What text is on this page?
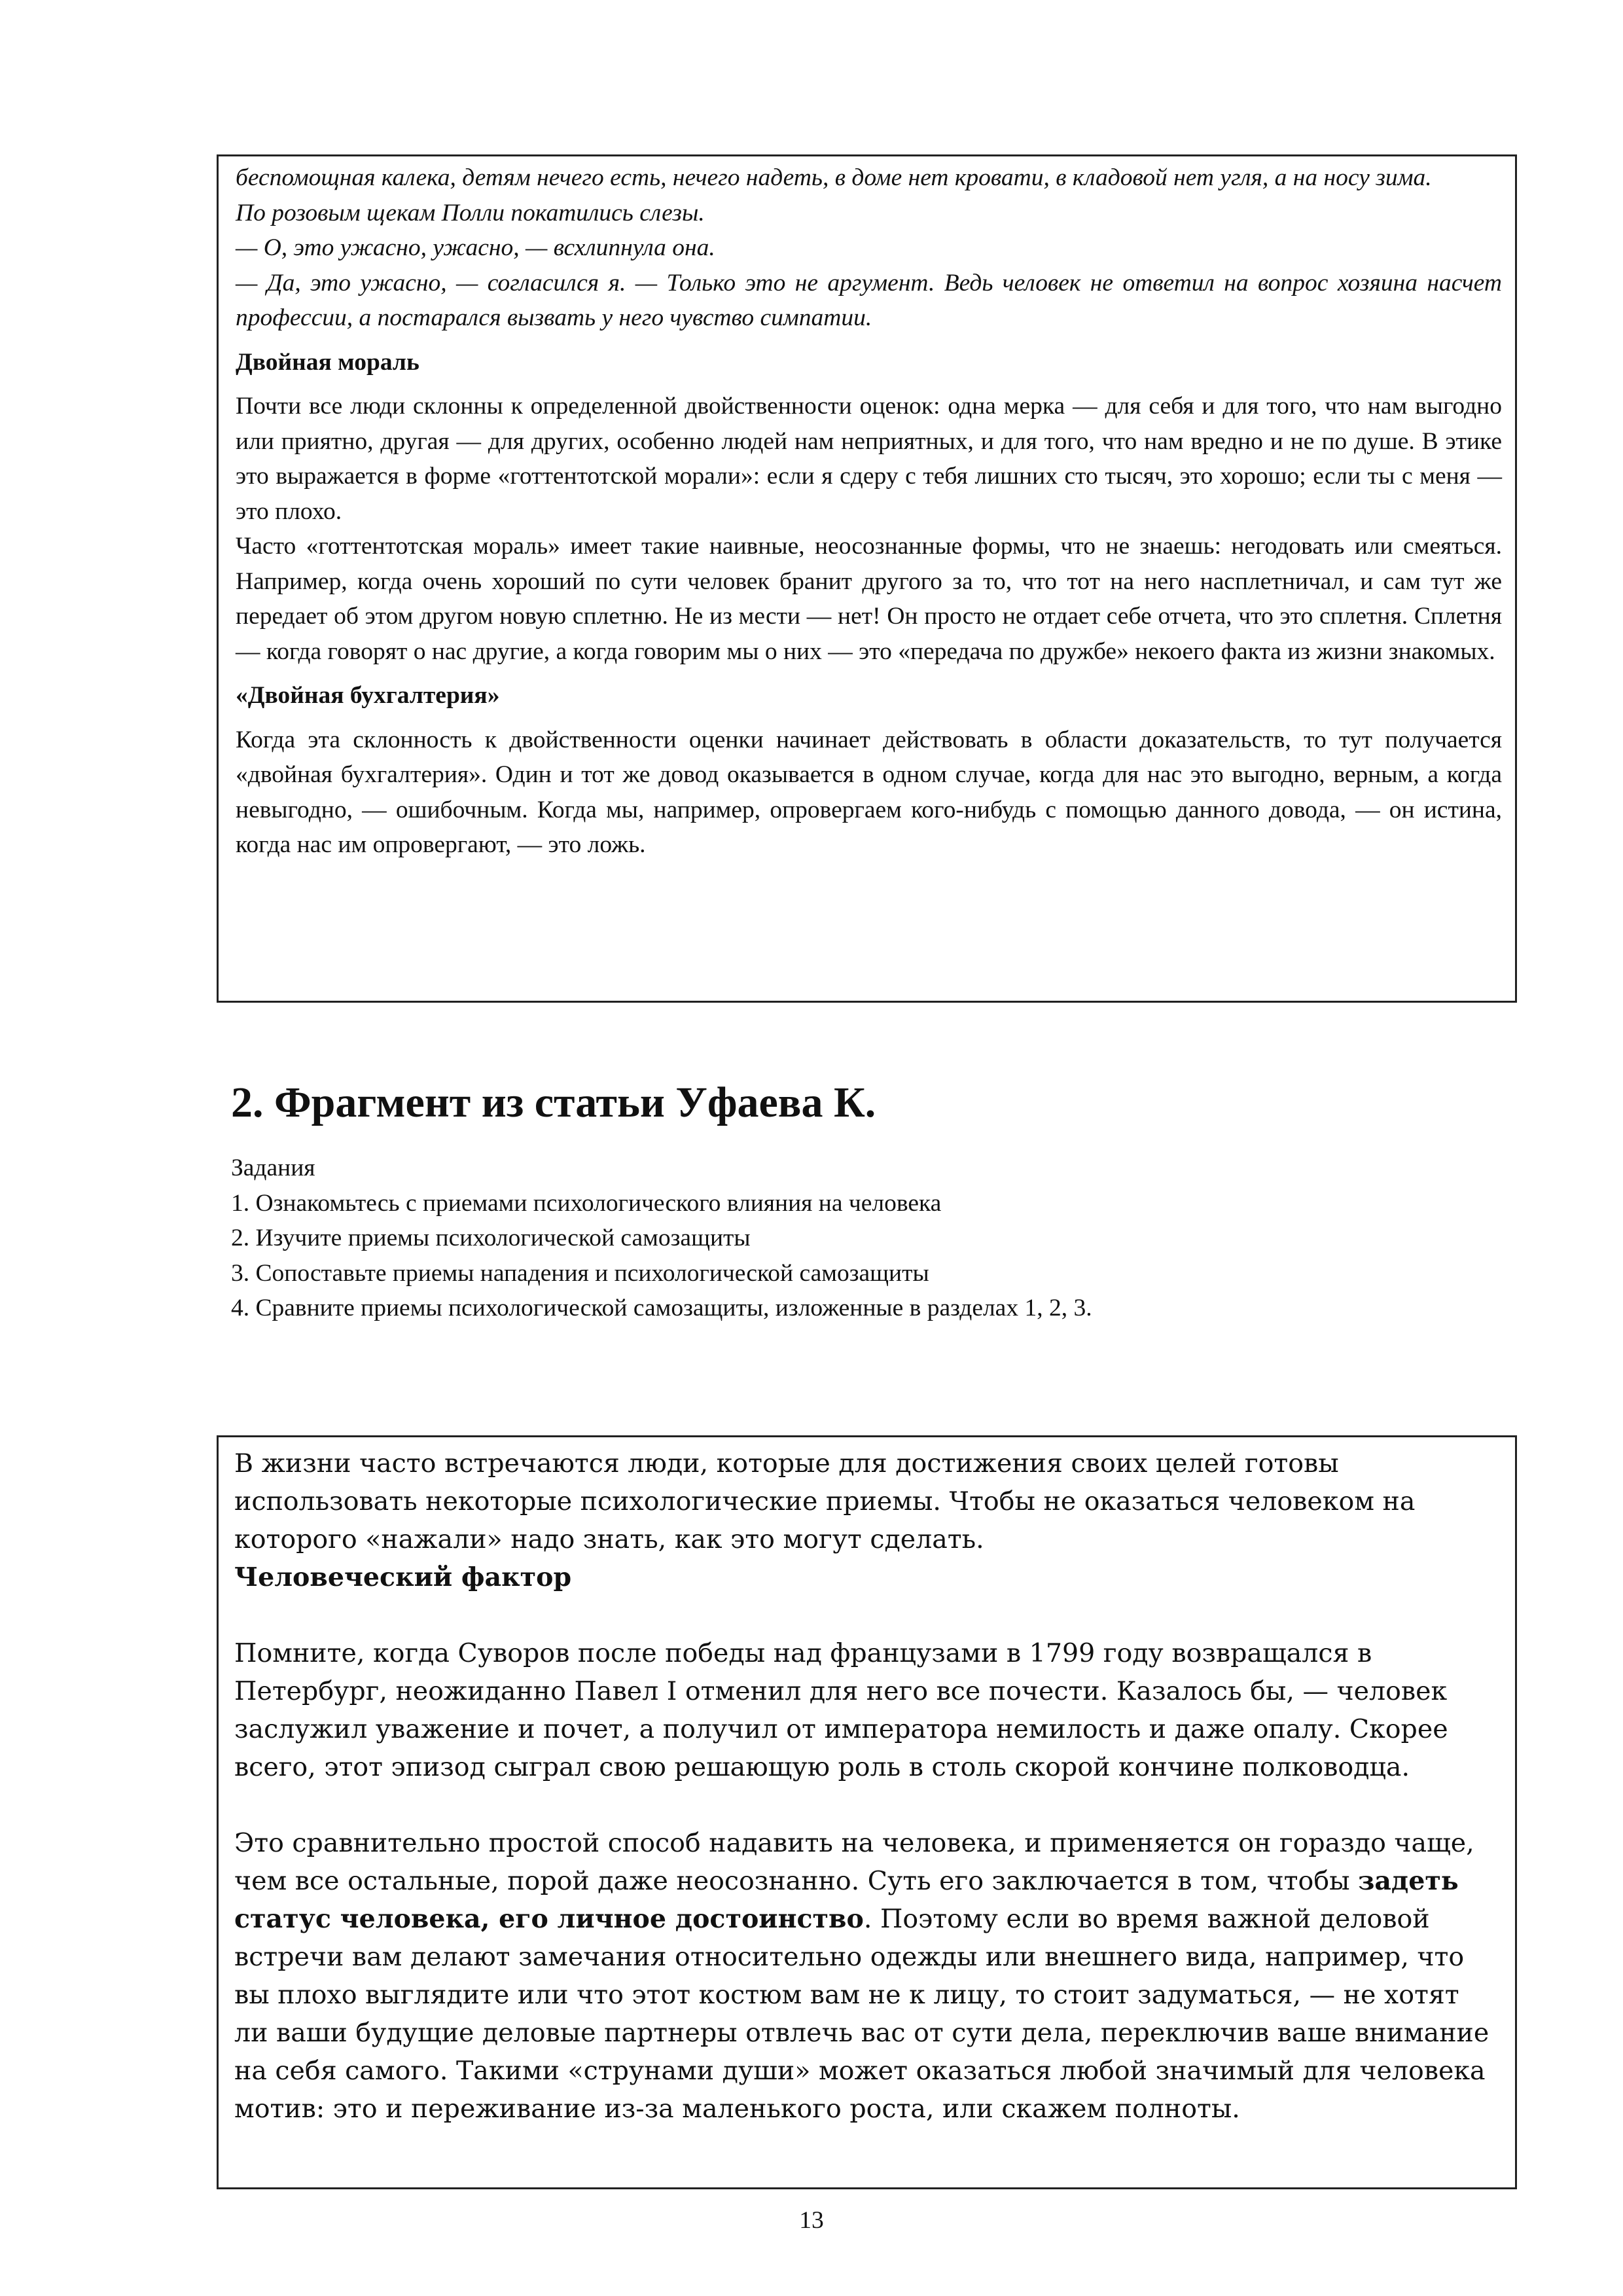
беспомощная калека, детям нечего есть, нечего надеть, в доме нет кровати, в кладовой нет угля, а на носу зима.

По розовым щекам Полли покатились слезы.

— О, это ужасно, ужасно, — всхлипнула она.

— Да, это ужасно, — согласился я. — Только это не аргумент. Ведь человек не ответил на вопрос хозяина насчет профессии, а постарался вызвать у него чувство симпатии.

Двойная мораль

Почти все люди склонны к определенной двойственности оценок: одна мерка — для себя и для того, что нам выгодно или приятно, другая — для других, особенно людей нам неприятных, и для того, что нам вредно и не по душе. В этике это выражается в форме «готтентотской морали»: если я сдеру с тебя лишних сто тысяч, это хорошо; если ты с меня — это плохо.

Часто «готтентотская мораль» имеет такие наивные, неосознанные формы, что не знаешь: негодовать или смеяться. Например, когда очень хороший по сути человек бранит другого за то, что тот на него насплетничал, и сам тут же передает об этом другом новую сплетню. Не из мести — нет! Он просто не отдает себе отчета, что это сплетня. Сплетня — когда говорят о нас другие, а когда говорим мы о них — это «передача по дружбе» некоего факта из жизни знакомых.

«Двойная бухгалтерия»

Когда эта склонность к двойственности оценки начинает действовать в области доказательств, то тут получается «двойная бухгалтерия». Один и тот же довод оказывается в одном случае, когда для нас это выгодно, верным, а когда невыгодно, — ошибочным. Когда мы, например, опровергаем кого-нибудь с помощью данного довода, — он истина, когда нас им опровергают, — это ложь.

2. Фрагмент из статьи Уфаева К.
Задания
1. Ознакомьтесь с приемами психологического влияния на человека
2. Изучите приемы психологической самозащиты
3. Сопоставьте приемы нападения и психологической самозащиты
4. Сравните приемы психологической самозащиты, изложенные в разделах 1, 2, 3.

В жизни часто встречаются люди, которые для достижения своих целей готовы использовать некоторые психологические приемы. Чтобы не оказаться человеком на которого «нажали» надо знать, как это могут сделать.

Человеческий фактор

Помните, когда Суворов после победы над французами в 1799 году возвращался в Петербург, неожиданно Павел I отменил для него все почести. Казалось бы, — человек заслужил уважение и почет, а получил от императора немилость и даже опалу. Скорее всего, этот эпизод сыграл свою решающую роль в столь скорой кончине полководца.

Это сравнительно простой способ надавить на человека, и применяется он гораздо чаще, чем все остальные, порой даже неосознанно. Суть его заключается в том, чтобы задеть статус человека, его личное достоинство. Поэтому если во время важной деловой встречи вам делают замечания относительно одежды или внешнего вида, например, что вы плохо выглядите или что этот костюм вам не к лицу, то стоит задуматься, — не хотят ли ваши будущие деловые партнеры отвлечь вас от сути дела, переключив ваше внимание на себя самого. Такими «струнами души» может оказаться любой значимый для человека мотив: это и переживание из-за маленького роста, или скажем полноты.

13
